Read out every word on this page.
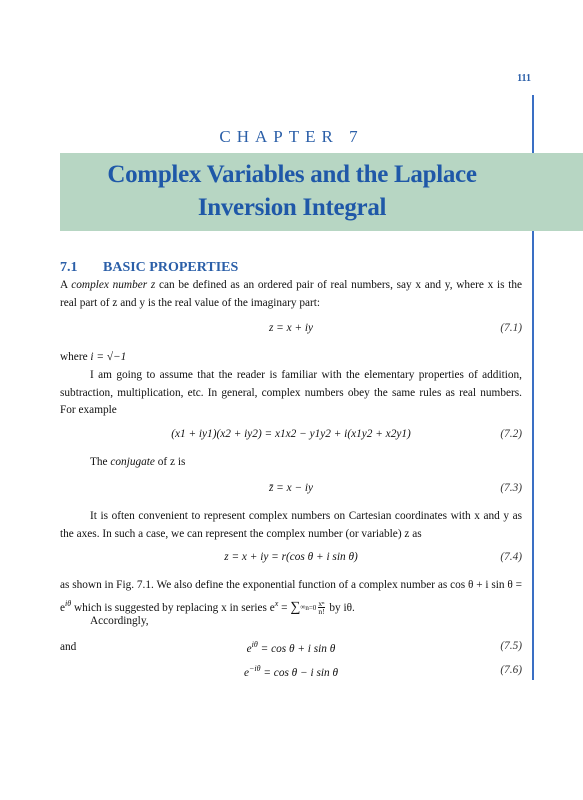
111
CHAPTER 7
Complex Variables and the Laplace
Inversion Integral
7.1 BASIC PROPERTIES
A complex number z can be defined as an ordered pair of real numbers, say x and y, where x is the real part of z and y is the real value of the imaginary part:
z = x + iy	(7.1)
where i = √−1
I am going to assume that the reader is familiar with the elementary properties of addition, subtraction, multiplication, etc. In general, complex numbers obey the same rules as real numbers. For example
(x1 + iy1)(x2 + iy2) = x1x2 − y1y2 + i(x1y2 + x2y1)	(7.2)
The conjugate of z is
z̄ = x − iy	(7.3)
It is often convenient to represent complex numbers on Cartesian coordinates with x and y as the axes. In such a case, we can represent the complex number (or variable) z as
z = x + iy = r(cos θ + i sin θ)	(7.4)
as shown in Fig. 7.1. We also define the exponential function of a complex number as cos θ + i $\sin \theta = e^{i\theta}$ which is suggested by replacing x in series $e^x = \sum^\infty n=0 \frac{\text{xⁿ}}{n!}$ by iθ.
Accordingly,
$e^{i\theta} = \cos \theta + i$ sin θ	(7.5)
and
$e^{-i\theta} = \cos \theta - i$ sin θ	(7.6)
